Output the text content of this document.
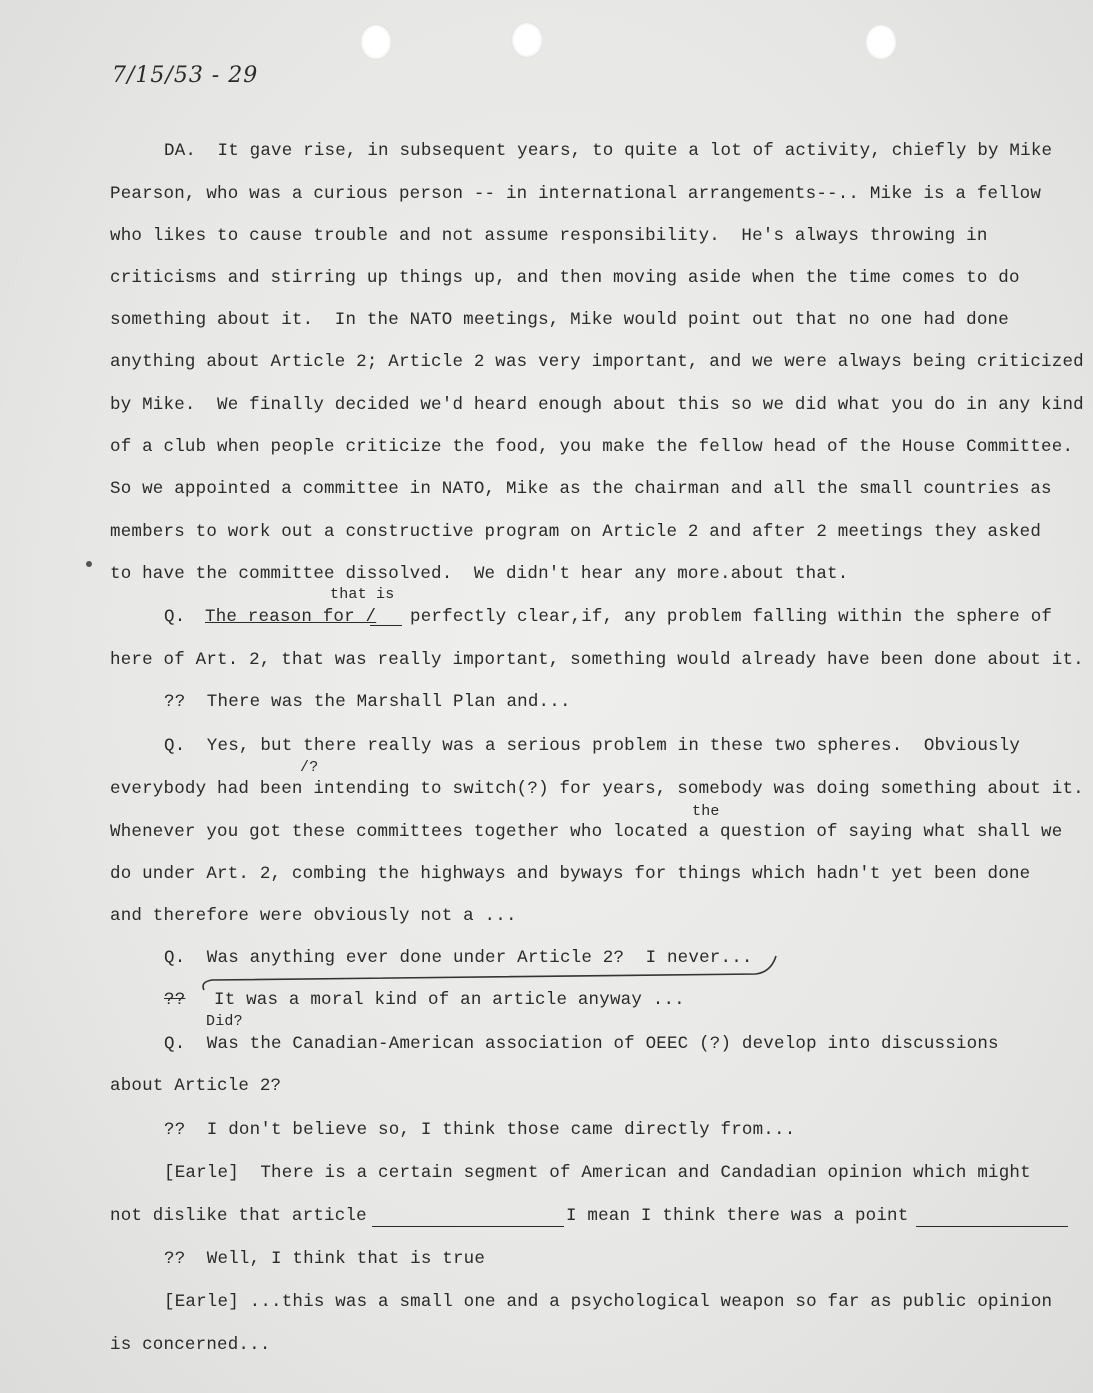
7/15/53 - 29
DA.  It gave rise, in subsequent years, to quite a lot of activity, chiefly by Mike
Pearson, who was a curious person -- in international arrangements--.. Mike is a fellow
who likes to cause trouble and not assume responsibility.  He's always throwing in
criticisms and stirring up things up, and then moving aside when the time comes to do
something about it.  In the NATO meetings, Mike would point out that no one had done
anything about Article 2; Article 2 was very important, and we were always being criticized
by Mike.  We finally decided we'd heard enough about this so we did what you do in any kind
of a club when people criticize the food, you make the fellow head of the House Committee.
So we appointed a committee in NATO, Mike as the chairman and all the small countries as
members to work out a constructive program on Article 2 and after 2 meetings they asked
to have the committee dissolved.  We didn't hear any more.about that.
that is
Q. The reason for / perfectly clear,if, any problem falling within the sphere of
here of Art. 2, that was really important, something would already have been done about it.
??  There was the Marshall Plan and...
Q.  Yes, but there really was a serious problem in these two spheres.  Obviously
/?
everybody had been intending to switch(?) for years, somebody was doing something about it.
the
Whenever you got these committees together who located a question of saying what shall we
do under Art. 2, combing the highways and byways for things which hadn't yet been done
and therefore were obviously not a ...
Q.  Was anything ever done under Article 2?  I never...
?? It was a moral kind of an article anyway ...
Did?
Q.  Was the Canadian-American association of OEEC (?) develop into discussions
about Article 2?
??  I don't believe so, I think those came directly from...
[Earle]  There is a certain segment of American and Candadian opinion which might
not dislike that article	I mean I think there was a point
??  Well, I think that is true
[Earle] ...this was a small one and a psychological weapon so far as public opinion
is concerned...
